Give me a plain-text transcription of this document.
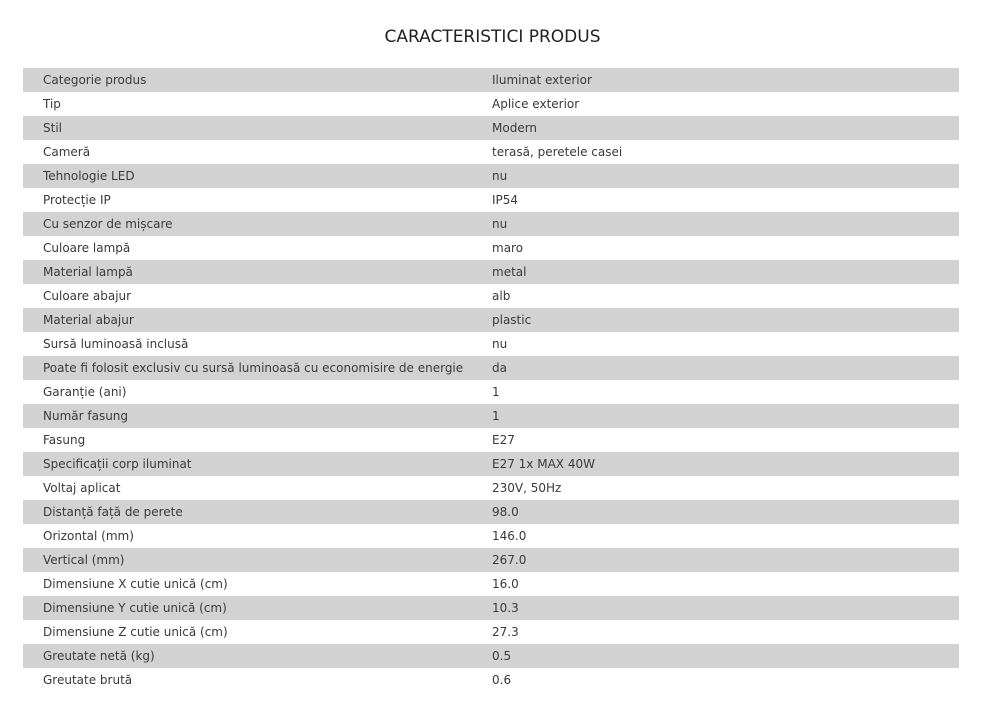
CARACTERISTICI PRODUS
Categorie produs	Iluminat exterior
Tip	Aplice exterior
Stil	Modern
Cameră	terasă, peretele casei
Tehnologie LED	nu
Protecție IP	IP54
Cu senzor de mișcare	nu
Culoare lampă	maro
Material lampă	metal
Culoare abajur	alb
Material abajur	plastic
Sursă luminoasă inclusă	nu
Poate fi folosit exclusiv cu sursă luminoasă cu economisire de energie	da
Garanție (ani)	1
Număr fasung	1
Fasung	E27
Specificații corp iluminat	E27 1x MAX 40W
Voltaj aplicat	230V, 50Hz
Distanță față de perete	98.0
Orizontal (mm)	146.0
Vertical (mm)	267.0
Dimensiune X cutie unică (cm)	16.0
Dimensiune Y cutie unică (cm)	10.3
Dimensiune Z cutie unică (cm)	27.3
Greutate netă (kg)	0.5
Greutate brută	0.6
